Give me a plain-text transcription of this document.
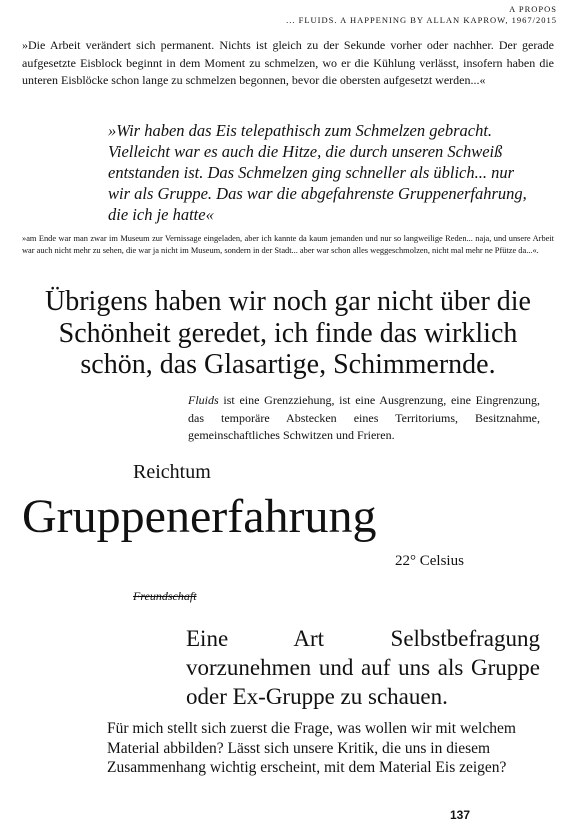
A PROPOS
... FLUIDS. A HAPPENING BY ALLAN KAPROW, 1967/2015

»Die Arbeit verändert sich permanent. Nichts ist gleich zu der Sekunde vorher oder nachher. Der gerade aufgesetzte Eisblock beginnt in dem Moment zu schmelzen, wo er die Kühlung verlässt, insofern haben die unteren Eisblöcke schon lange zu schmelzen begonnen, bevor die obersten aufgesetzt werden...«

»Wir haben das Eis telepathisch zum Schmelzen gebracht. Vielleicht war es auch die Hitze, die durch unseren Schweiß entstanden ist. Das Schmelzen ging schneller als üblich... nur wir als Gruppe. Das war die abgefahrenste Gruppenerfahrung, die ich je hatte«

»am Ende war man zwar im Museum zur Vernissage eingeladen, aber ich kannte da kaum jemanden und nur so langweilige Reden... naja, und unsere Arbeit war auch nicht mehr zu sehen, die war ja nicht im Museum, sondern in der Stadt... aber war schon alles weggeschmolzen, nicht mal mehr ne Pfütze da...«.

Übrigens haben wir noch gar nicht über die Schönheit geredet, ich finde das wirklich schön, das Glasartige, Schimmernde.

Fluids ist eine Grenzziehung, ist eine Ausgrenzung, eine Eingrenzung, das temporäre Abstecken eines Territoriums, Besitznahme, gemeinschaftliches Schwitzen und Frieren.

Reichtum
Gruppenerfahrung
22° Celsius
Freundschaft

Eine Art Selbstbefragung vorzunehmen und auf uns als Gruppe oder Ex-Gruppe zu schauen.

Für mich stellt sich zuerst die Frage, was wollen wir mit welchem Material abbilden? Lässt sich unsere Kritik, die uns in diesem Zusammenhang wichtig erscheint, mit dem Material Eis zeigen?

137
